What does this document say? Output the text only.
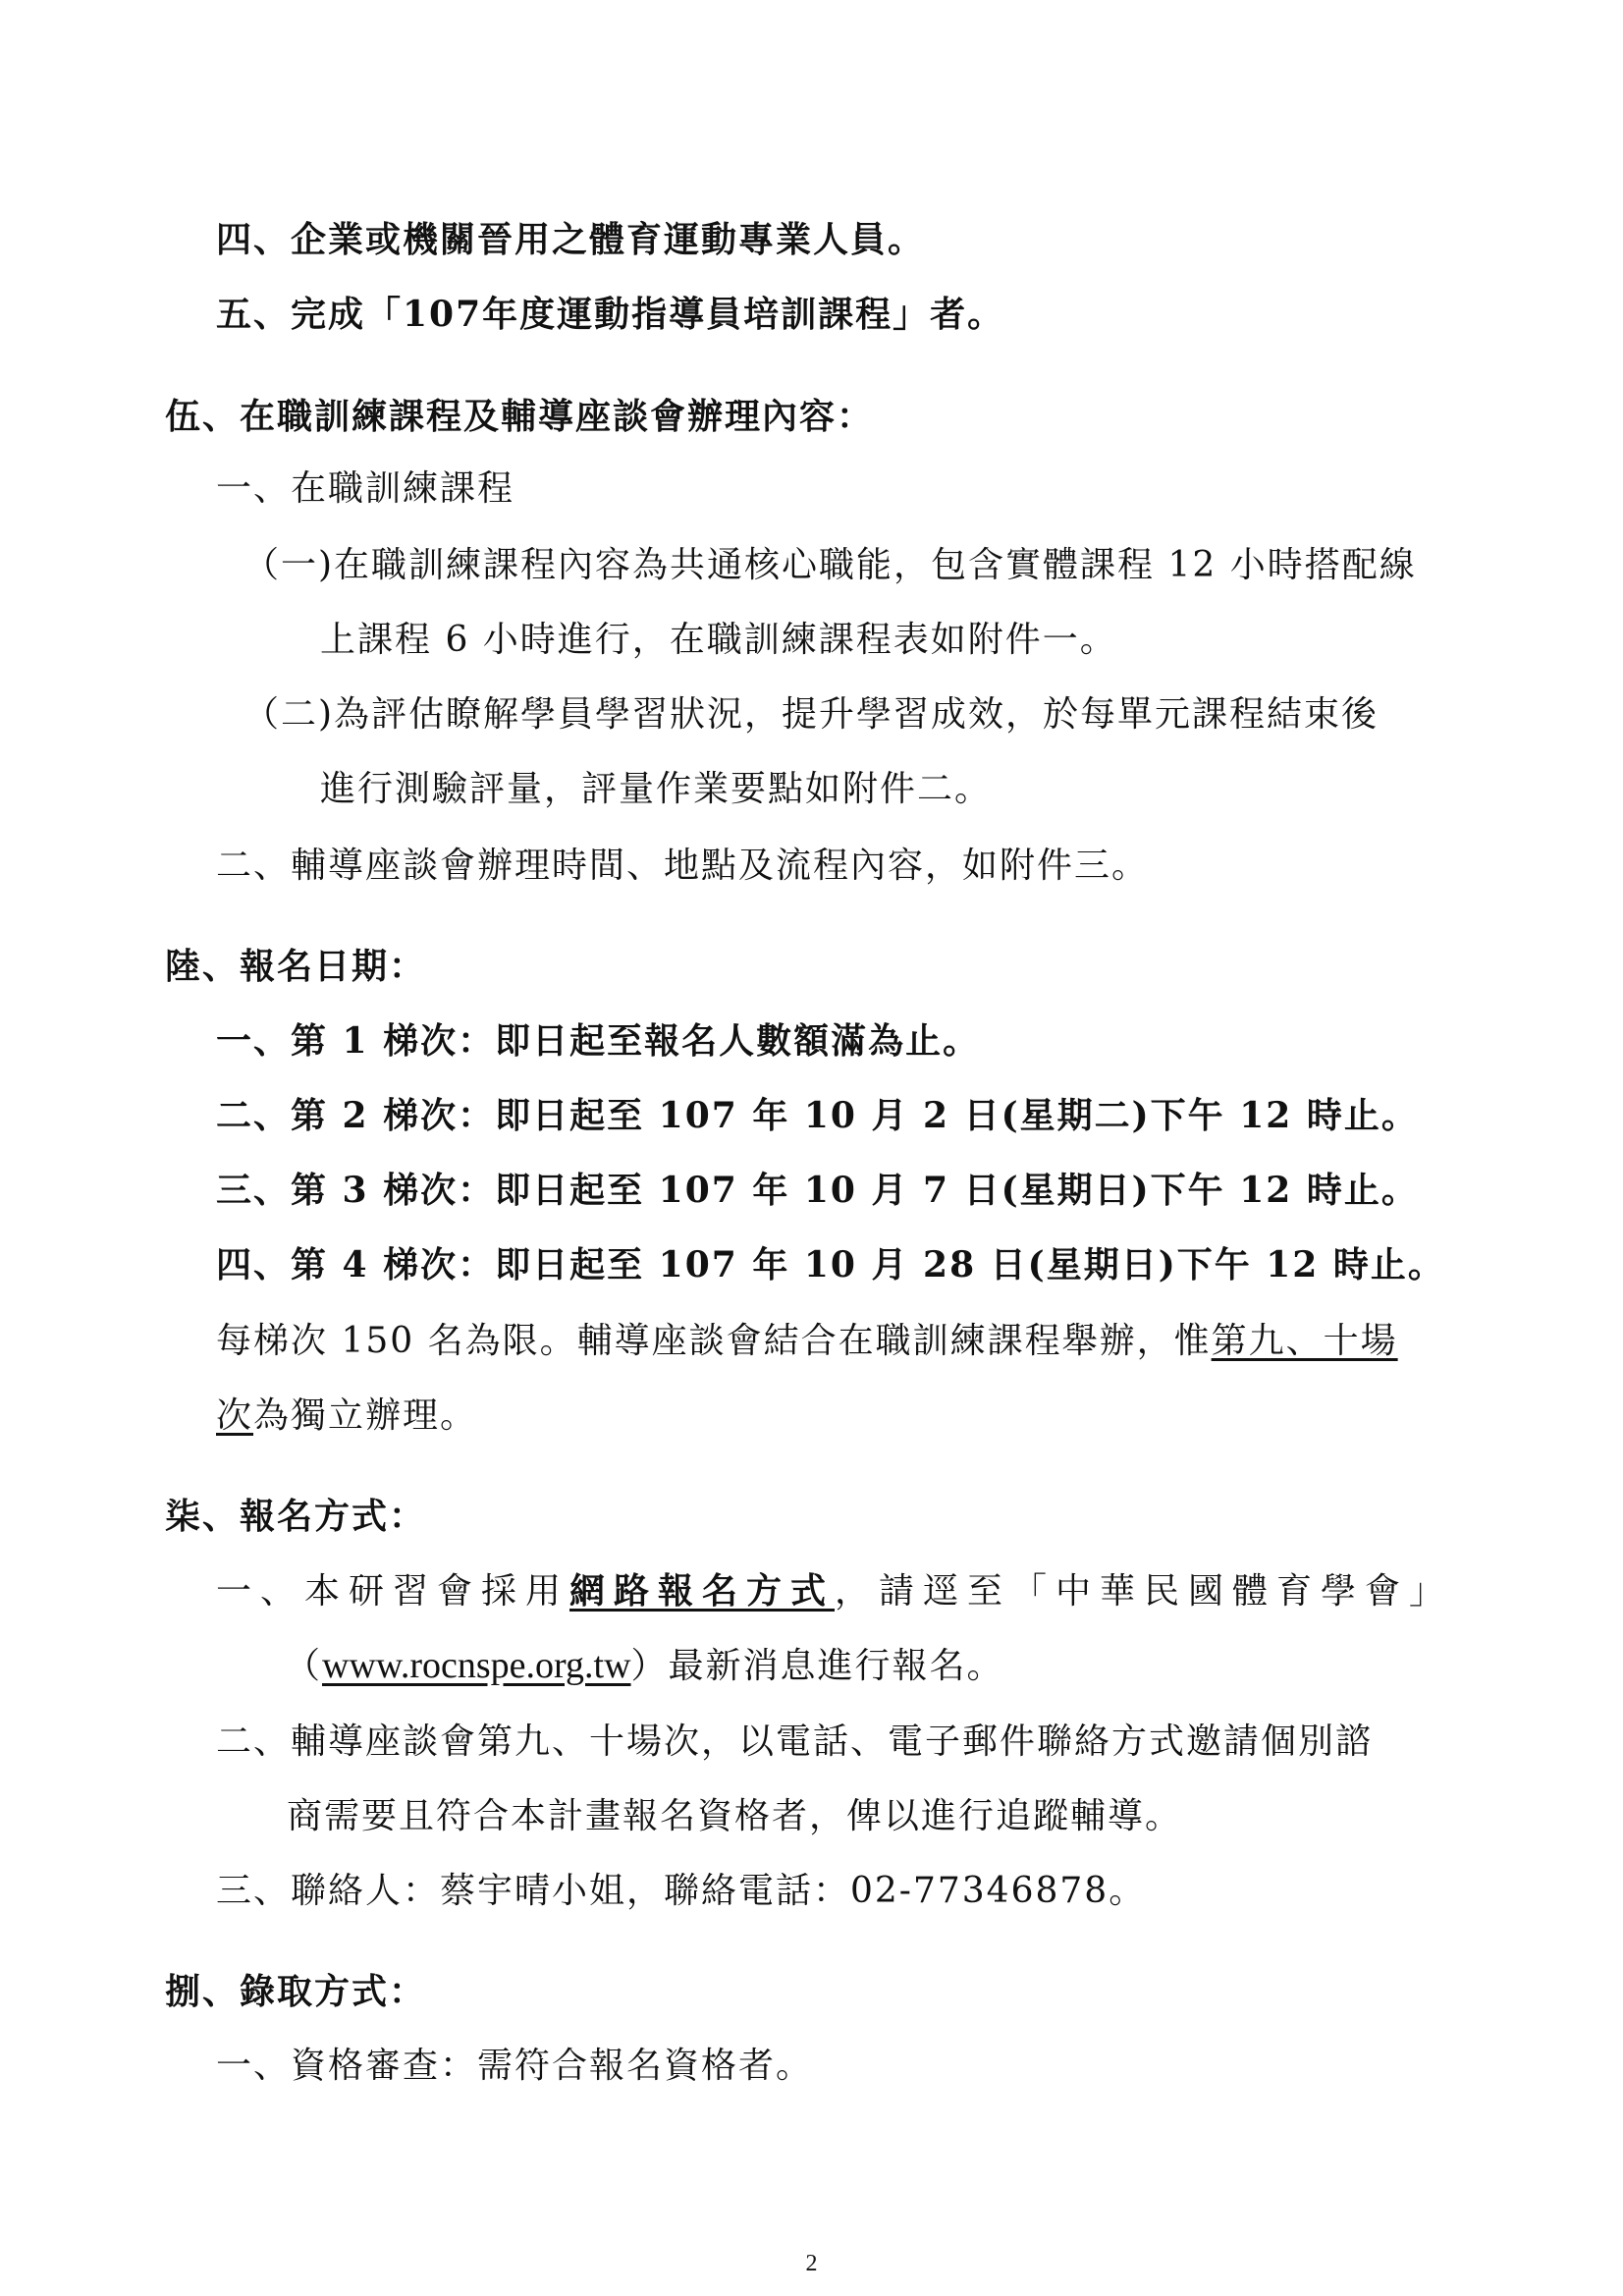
四、企業或機關晉用之體育運動專業人員。
五、完成「107年度運動指導員培訓課程」者。
伍、在職訓練課程及輔導座談會辦理內容：
一、在職訓練課程
（一)在職訓練課程內容為共通核心職能，包含實體課程 12 小時搭配線
上課程 6 小時進行，在職訓練課程表如附件一。
（二)為評估瞭解學員學習狀況，提升學習成效，於每單元課程結束後
進行測驗評量，評量作業要點如附件二。
二、輔導座談會辦理時間、地點及流程內容，如附件三。
陸、報名日期：
一、第 1 梯次：即日起至報名人數額滿為止。
二、第 2 梯次：即日起至 107 年 10 月 2 日(星期二)下午 12 時止。
三、第 3 梯次：即日起至 107 年 10 月 7 日(星期日)下午 12 時止。
四、第 4 梯次：即日起至 107 年 10 月 28 日(星期日)下午 12 時止。
每梯次 150 名為限。輔導座談會結合在職訓練課程舉辦，惟第九、十場
次為獨立辦理。
柒、報名方式：
一、本研習會採用網路報名方式，請逕至「中華民國體育學會」
（www.rocnspe.org.tw）最新消息進行報名。
二、輔導座談會第九、十場次，以電話、電子郵件聯絡方式邀請個別諮
商需要且符合本計畫報名資格者，俾以進行追蹤輔導。
三、聯絡人：蔡宇晴小姐，聯絡電話：02-77346878。
捌、錄取方式：
一、資格審查：需符合報名資格者。
2
